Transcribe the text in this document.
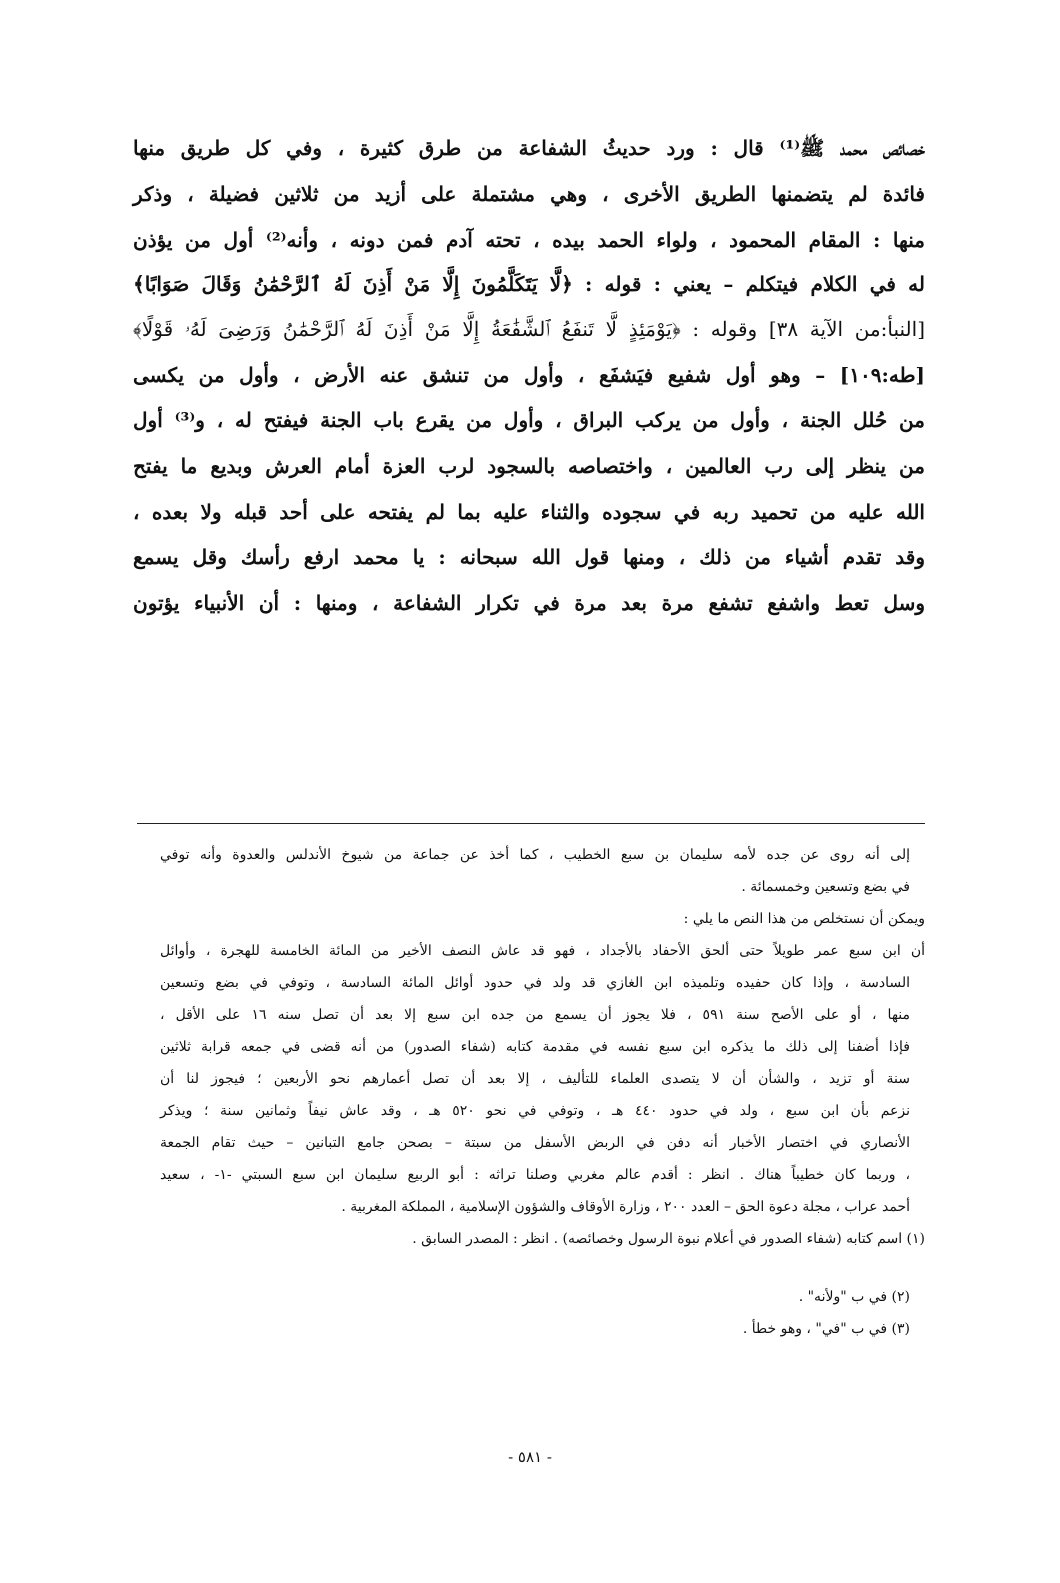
خصائص محمد ﷺ⁽¹⁾ قال : ورد حديثُ الشفاعة من طرق كثيرة ، وفي كل طريق منها
فائدة لم يتضمنها الطريق الأخرى ، وهي مشتملة على أزيد من ثلاثين فضيلة ، وذكر
منها : المقام المحمود ، ولواء الحمد بيده ، تحته آدم فمن دونه ، وأنه⁽²⁾ أول من يؤذن
له في الكلام فيتكلم – يعني : قوله : ﴿لَّا يَتَكَلَّمُونَ إِلَّا مَنْ أَذِنَ لَهُ ٱلرَّحْمَٰنُ وَقَالَ صَوَابًا﴾
[النبأ:من الآية ٣٨] وقوله : ﴿يَوْمَئِذٍ لَّا تَنفَعُ ٱلشَّفَٰعَةُ إِلَّا مَنْ أَذِنَ لَهُ ٱلرَّحْمَٰنُ وَرَضِىَ لَهُۥ قَوْلًا﴾
[طه:١٠٩] – وهو أول شفيع فيَشفَع ، وأول من تنشق عنه الأرض ، وأول من يكسى
من حُلل الجنة ، وأول من يركب البراق ، وأول من يقرع باب الجنة فيفتح له ، و⁽³⁾ أول
من ينظر إلى رب العالمين ، واختصاصه بالسجود لرب العزة أمام العرش وبديع ما يفتح
الله عليه من تحميد ربه في سجوده والثناء عليه بما لم يفتحه على أحد قبله ولا بعده ،
وقد تقدم أشياء من ذلك ، ومنها قول الله سبحانه : يا محمد ارفع رأسك وقل يسمع
وسل تعط واشفع تشفع مرة بعد مرة في تكرار الشفاعة ، ومنها : أن الأنبياء يؤتون
إلى أنه روى عن جده لأمه سليمان بن سبع الخطيب ، كما أخذ عن جماعة من شيوخ الأندلس والعدوة وأنه توفي
في بضع وتسعين وخمسمائة .
ويمكن أن نستخلص من هذا النص ما يلي :
أن ابن سبع عمر طويلاً حتى ألحق الأحفاد بالأجداد ، فهو قد عاش النصف الأخير من المائة الخامسة للهجرة ، وأوائل
السادسة ، وإذا كان حفيده وتلميذه ابن الغازي قد ولد في حدود أوائل المائة السادسة ، وتوفي في بضع وتسعين
منها ، أو على الأصح سنة ٥٩١ ، فلا يجوز أن يسمع من جده ابن سبع إلا بعد أن تصل سنه ١٦ على الأقل ،
فإذا أضفنا إلى ذلك ما يذكره ابن سبع نفسه في مقدمة كتابه (شفاء الصدور) من أنه قضى في جمعه قرابة ثلاثين
سنة أو تزيد ، والشأن أن لا يتصدى العلماء للتأليف ، إلا بعد أن تصل أعمارهم نحو الأربعين ؛ فيجوز لنا أن
نزعم بأن ابن سبع ، ولد في حدود ٤٤٠ هـ ، وتوفي في نحو ٥٢٠ هـ ، وقد عاش نيفاً وثمانين سنة ؛ ويذكر
الأنصاري في اختصار الأخبار أنه دفن في الربض الأسفل من سبتة – بصحن جامع التبانين – حيث تقام الجمعة
، وربما كان خطيباً هناك . انظر : أقدم عالم مغربي وصلنا تراثه : أبو الربيع سليمان ابن سبع السبتي -١- ، سعيد
أحمد عراب ، مجلة دعوة الحق – العدد ٢٠٠ ، وزارة الأوقاف والشؤون الإسلامية ، المملكة المغربية .
(١) اسم كتابه (شفاء الصدور في أعلام نبوة الرسول وخصائصه) . انظر : المصدر السابق .
(٢) في ب "ولأنه" .
(٣) في ب "في" ، وهو خطأ .
- ٥٨١ -
